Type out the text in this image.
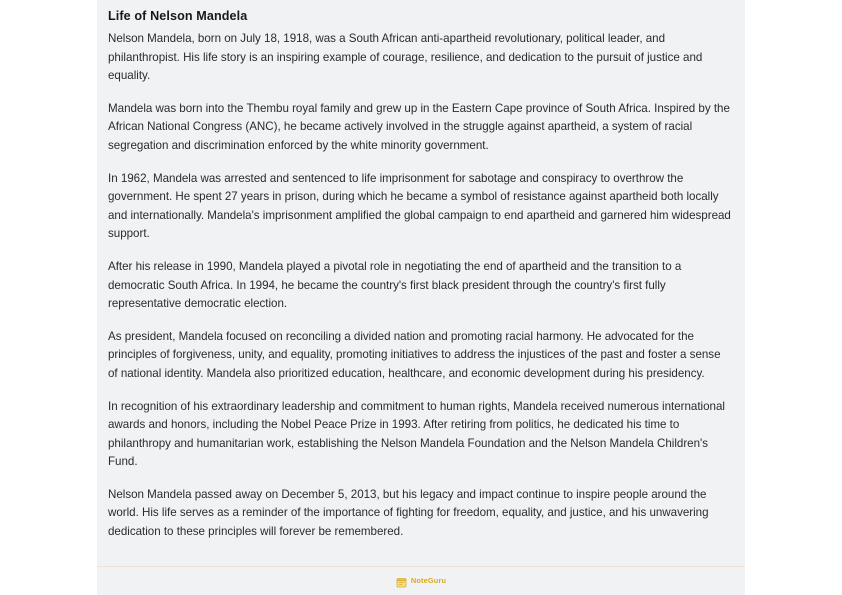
Life of Nelson Mandela

Nelson Mandela, born on July 18, 1918, was a South African anti-apartheid revolutionary, political leader, and philanthropist. His life story is an inspiring example of courage, resilience, and dedication to the pursuit of justice and equality.

Mandela was born into the Thembu royal family and grew up in the Eastern Cape province of South Africa. Inspired by the African National Congress (ANC), he became actively involved in the struggle against apartheid, a system of racial segregation and discrimination enforced by the white minority government.

In 1962, Mandela was arrested and sentenced to life imprisonment for sabotage and conspiracy to overthrow the government. He spent 27 years in prison, during which he became a symbol of resistance against apartheid both locally and internationally. Mandela's imprisonment amplified the global campaign to end apartheid and garnered him widespread support.

After his release in 1990, Mandela played a pivotal role in negotiating the end of apartheid and the transition to a democratic South Africa. In 1994, he became the country's first black president through the country's first fully representative democratic election.

As president, Mandela focused on reconciling a divided nation and promoting racial harmony. He advocated for the principles of forgiveness, unity, and equality, promoting initiatives to address the injustices of the past and foster a sense of national identity. Mandela also prioritized education, healthcare, and economic development during his presidency.

In recognition of his extraordinary leadership and commitment to human rights, Mandela received numerous international awards and honors, including the Nobel Peace Prize in 1993. After retiring from politics, he dedicated his time to philanthropy and humanitarian work, establishing the Nelson Mandela Foundation and the Nelson Mandela Children's Fund.

Nelson Mandela passed away on December 5, 2013, but his legacy and impact continue to inspire people around the world. His life serves as a reminder of the importance of fighting for freedom, equality, and justice, and his unwavering dedication to these principles will forever be remembered.

NoteGuru
